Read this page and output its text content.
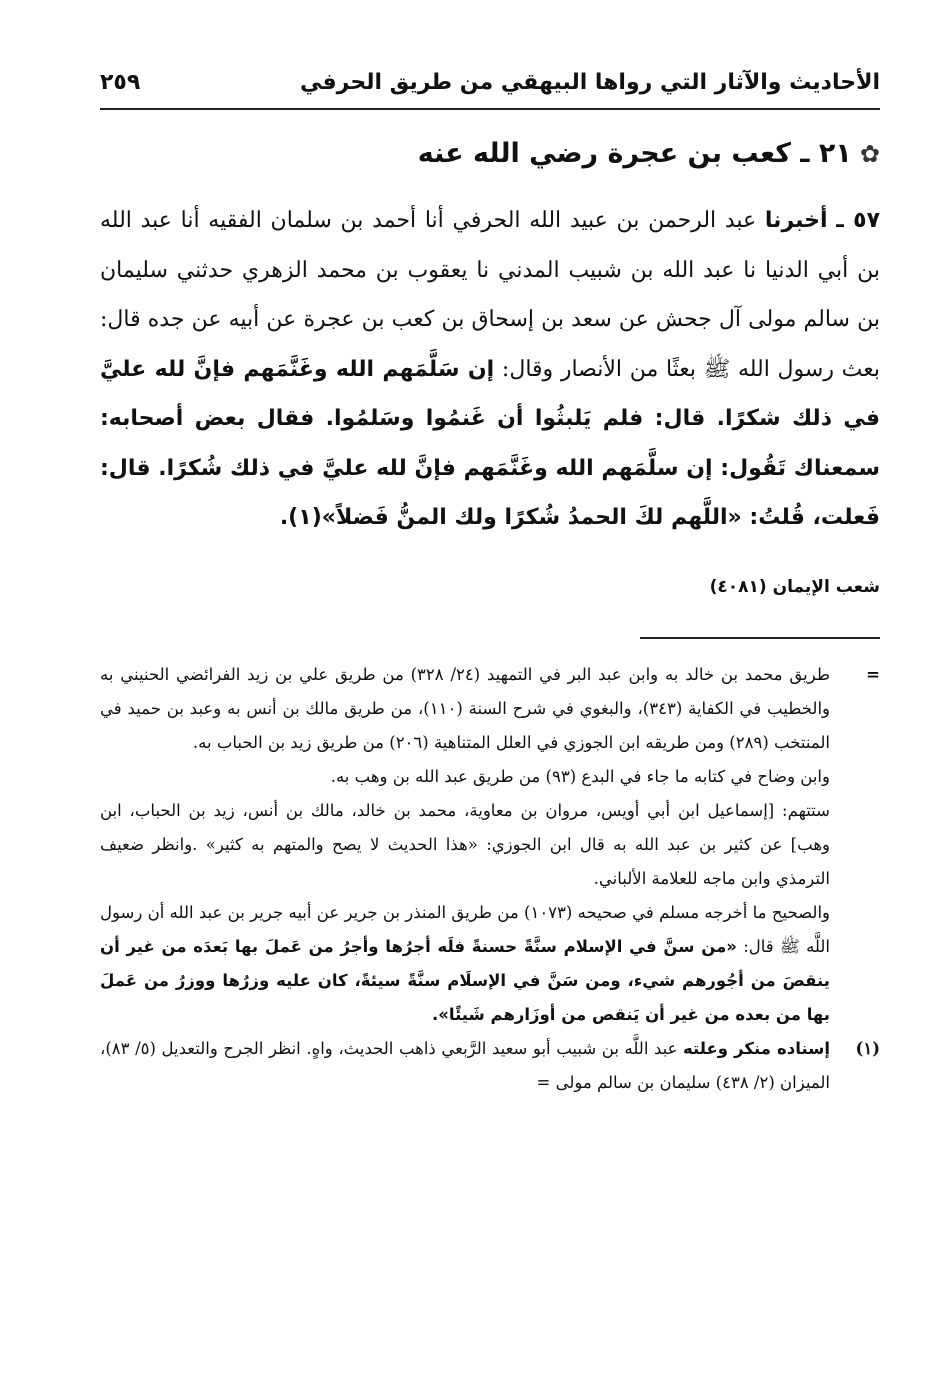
٢٥٩	الأحاديث والآثار التي رواها البيهقي من طريق الحرفي
✿
٢١ ـ كعب بن عجرة رضي الله عنه
٥٧ ـ أخبرنا عبد الرحمن بن عبيد الله الحرفي أنا أحمد بن سلمان الفقيه أنا عبد الله بن أبي الدنيا نا عبد الله بن شبيب المدني نا يعقوب بن محمد الزهري حدثني سليمان بن سالم مولى آل جحش عن سعد بن إسحاق بن كعب بن عجرة عن أبيه عن جده قال: بعث رسول الله ﷺ بعثًا من الأنصار وقال: إن سَلَّمَهم الله وغَنَّمَهم فإنَّ لله عليَّ في ذلك شكرًا. قال: فلم يَلبثُوا أن غَنمُوا وسَلمُوا. فقال بعض أصحابه: سمعناك تَقُول: إن سلَّمَهم الله وغَنَّمَهم فإنَّ لله عليَّ في ذلك شُكرًا. قال: فَعلت، قُلتُ: «اللَّهم لكَ الحمدُ شُكرًا ولك المنُّ فَضلاً»(١).
شعب الإيمان (٤٠٨١)
=

طريق محمد بن خالد به وابن عبد البر في التمهيد (٢٤/ ٣٢٨) من طريق علي بن زيد الفرائضي الحنيني به والخطيب في الكفاية (٣٤٣)، والبغوي في شرح السنة (١١٠)، من طريق مالك بن أنس به وعبد بن حميد في المنتخب (٢٨٩) ومن طريقه ابن الجوزي في العلل المتناهية (٢٠٦) من طريق زيد بن الحباب به.

وابن وضاح في كتابه ما جاء في البدع (٩٣) من طريق عبد الله بن وهب به.

ستتهم: [إسماعيل ابن أبي أويس، مروان بن معاوية، محمد بن خالد، مالك بن أنس، زيد بن الحباب، ابن وهب] عن كثير بن عبد الله به قال ابن الجوزي: «هذا الحديث لا يصح والمتهم به كثير» .وانظر ضعيف الترمذي وابن ماجه للعلامة الألباني.

والصحيح ما أخرجه مسلم في صحيحه (١٠٧٣) من طريق المنذر بن جرير عن أبيه جرير بن عبد الله أن رسول اللَّه ﷺ قال: «من سنَّ في الإسلام سنَّةً حسنةً فلَه أجرُها وأجرُ من عَملَ بها بَعدَه من غير أن ينقصَ من أجُورهم شيء، ومن سَنَّ في الإسلَام سنَّةً سيئةً، كان عليه وزرُها ووزرُ من عَملَ بها من بعده من غير أن يَنقص من أوزَارهم شَيئًا».

(١)

إسناده منكر وعلته عبد اللَّه بن شبيب أبو سعيد الرَّبعي ذاهب الحديث، واهٍ. انظر الجرح والتعديل (٥/ ٨٣)، الميزان (٢/ ٤٣٨) سليمان بن سالم مولى =
